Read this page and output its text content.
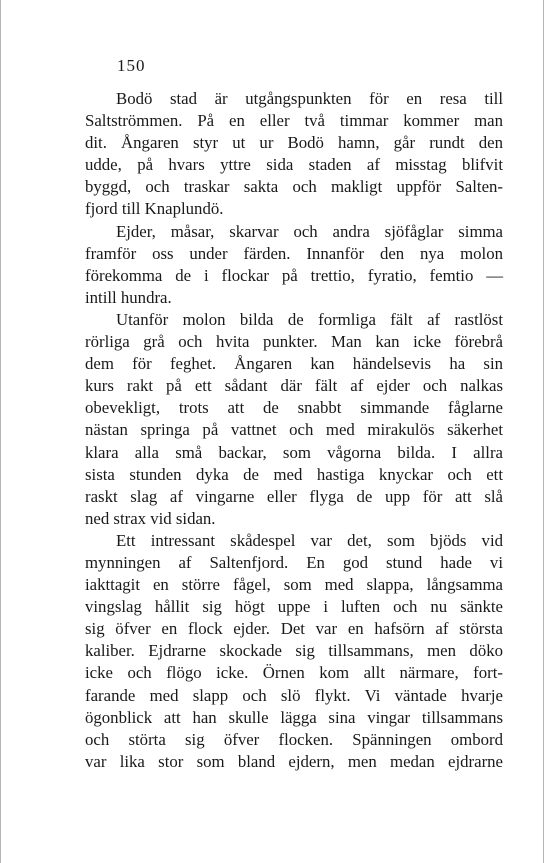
150
Bodö stad är utgångspunkten för en resa till
Saltströmmen. På en eller två timmar kommer man
dit. Ångaren styr ut ur Bodö hamn, går rundt den
udde, på hvars yttre sida staden af misstag blifvit
byggd, och traskar sakta och makligt uppför Salten-
fjord till Knaplundö.
Ejder, måsar, skarvar och andra sjöfåglar simma
framför oss under färden. Innanför den nya molon
förekomma de i flockar på trettio, fyratio, femtio —
intill hundra.
Utanför molon bilda de formliga fält af rastlöst
rörliga grå och hvita punkter. Man kan icke förebrå
dem för feghet. Ångaren kan händelsevis ha sin
kurs rakt på ett sådant där fält af ejder och nalkas
obevekligt, trots att de snabbt simmande fåglarne
nästan springa på vattnet och med mirakulös säkerhet
klara alla små backar, som vågorna bilda. I allra
sista stunden dyka de med hastiga knyckar och ett
raskt slag af vingarne eller flyga de upp för att slå
ned strax vid sidan.
Ett intressant skådespel var det, som bjöds vid
mynningen af Saltenfjord. En god stund hade vi
iakttagit en större fågel, som med slappa, långsamma
vingslag hållit sig högt uppe i luften och nu sänkte
sig öfver en flock ejder. Det var en hafsörn af största
kaliber. Ejdrarne skockade sig tillsammans, men döko
icke och flögo icke. Örnen kom allt närmare, fort-
farande med slapp och slö flykt. Vi väntade hvarje
ögonblick att han skulle lägga sina vingar tillsammans
och störta sig öfver flocken. Spänningen ombord
var lika stor som bland ejdern, men medan ejdrarne
